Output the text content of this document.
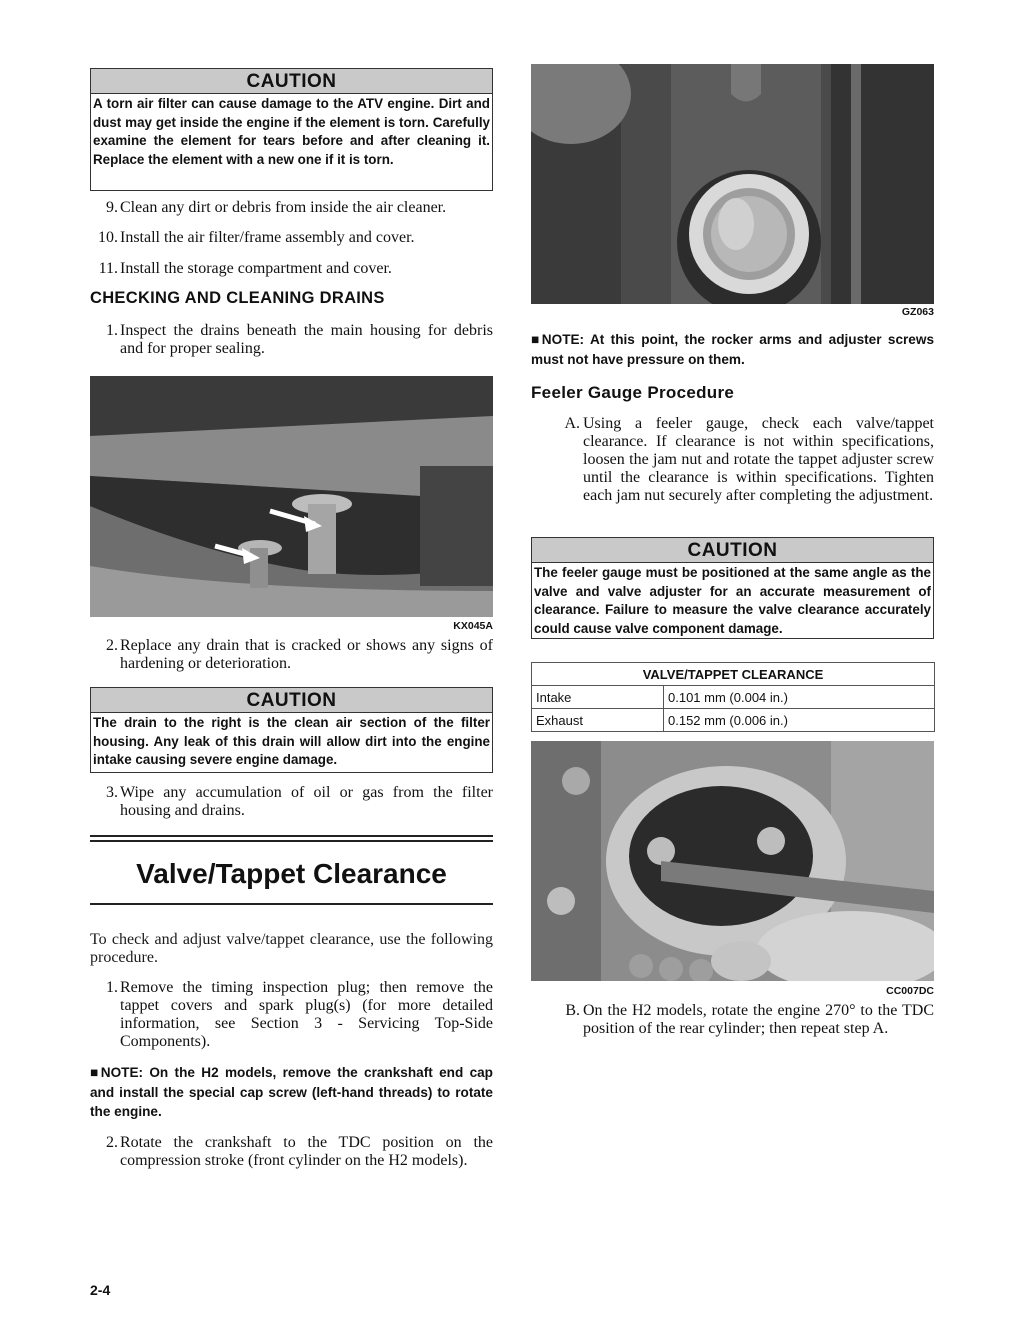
CAUTION
A torn air filter can cause damage to the ATV engine. Dirt and dust may get inside the engine if the element is torn. Carefully examine the element for tears before and after cleaning it. Replace the element with a new one if it is torn.
9. Clean any dirt or debris from inside the air cleaner.
10. Install the air filter/frame assembly and cover.
11. Install the storage compartment and cover.
CHECKING AND CLEANING DRAINS
1. Inspect the drains beneath the main housing for debris and for proper sealing.
KX045A
2. Replace any drain that is cracked or shows any signs of hardening or deterioration.
CAUTION
The drain to the right is the clean air section of the filter housing. Any leak of this drain will allow dirt into the engine intake causing severe engine damage.
3. Wipe any accumulation of oil or gas from the filter housing and drains.
Valve/Tappet Clearance
To check and adjust valve/tappet clearance, use the following procedure.
1. Remove the timing inspection plug; then remove the tappet covers and spark plug(s) (for more detailed information, see Section 3 - Servicing Top-Side Components).
■NOTE: On the H2 models, remove the crankshaft end cap and install the special cap screw (left-hand threads) to rotate the engine.
2. Rotate the crankshaft to the TDC position on the compression stroke (front cylinder on the H2 models).
2-4
GZ063
■NOTE: At this point, the rocker arms and adjuster screws must not have pressure on them.
Feeler Gauge Procedure
A. Using a feeler gauge, check each valve/tappet clearance. If clearance is not within specifications, loosen the jam nut and rotate the tappet adjuster screw until the clearance is within specifications. Tighten each jam nut securely after completing the adjustment.
CAUTION
The feeler gauge must be positioned at the same angle as the valve and valve adjuster for an accurate measurement of clearance. Failure to measure the valve clearance accurately could cause valve component damage.
VALVE/TAPPET CLEARANCE	
Intake	0.101 mm (0.004 in.)
Exhaust	0.152 mm (0.006 in.)
CC007DC
B. On the H2 models, rotate the engine 270° to the TDC position of the rear cylinder; then repeat step A.
